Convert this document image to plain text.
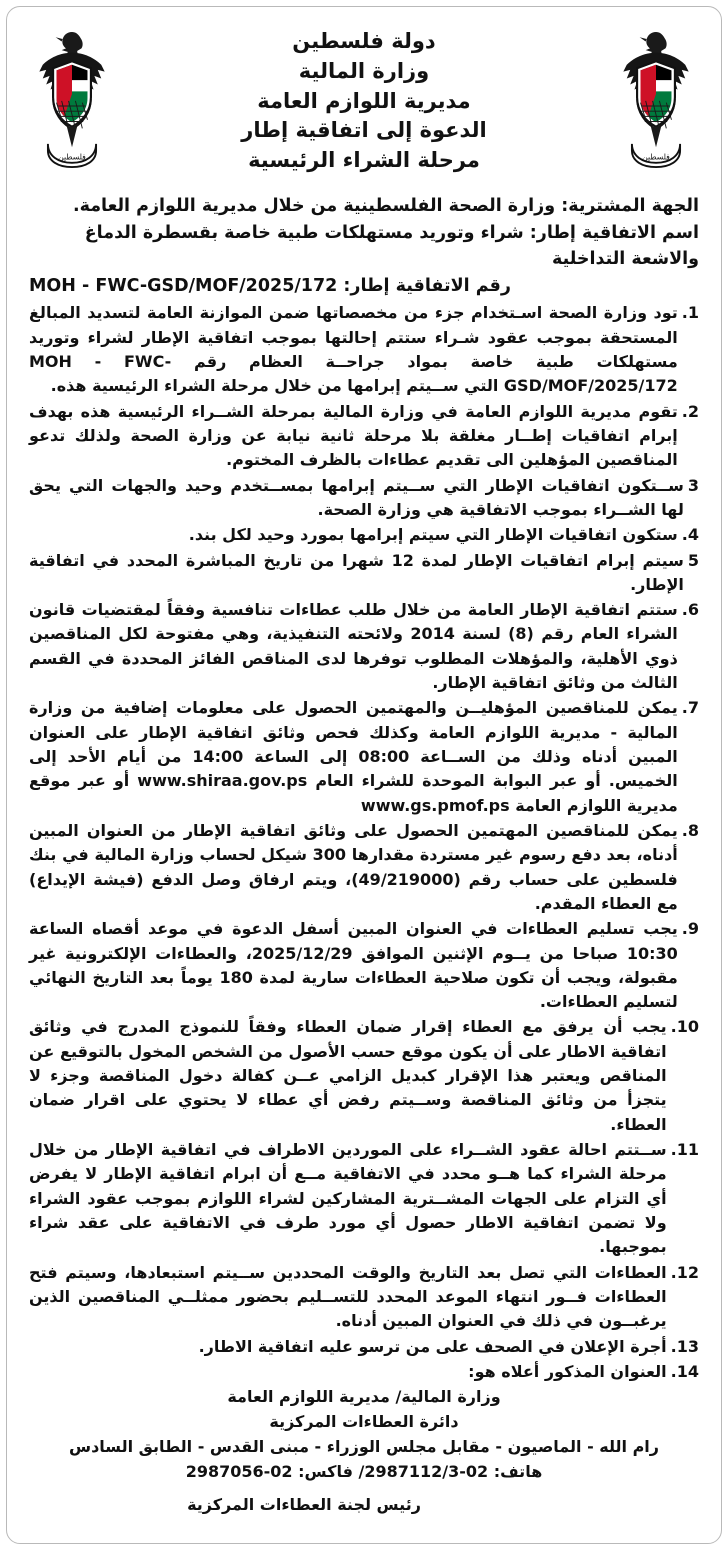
فلسطين
دولة فلسطين
وزارة المالية
مديرية اللوازم العامة
الدعوة إلى اتفاقية إطار
مرحلة الشراء الرئيسية
فلسطين
الجهة المشترية: وزارة الصحة الفلسطينية من خلال مديرية اللوازم العامة.
اسم الاتفاقية إطار: شراء وتوريد مستهلكات طبية خاصة بقسطرة الدماغ والاشعة التداخلية
رقم الاتفاقية إطار: MOH - FWC-GSD/MOF/2025/172
1.
تود وزارة الصحة اسـتخدام جزء من مخصصاتها ضمن الموازنة العامة لتسديد المبالغ المستحقة بموجب عقود شـراء ستتم إحالتها بموجب اتفاقية الإطار لشراء وتوريد مستهلكات طبية خاصة بمواد جراحــة العظام رقم MOH - FWC-GSD/MOF/2025/172 التي ســيتم إبرامها من خلال مرحلة الشراء الرئيسية هذه.
2.
تقوم مديرية اللوازم العامة في وزارة المالية بمرحلة الشــراء الرئيسية هذه بهدف إبرام اتفاقيات إطــار مغلقة بلا مرحلة ثانية نيابة عن وزارة الصحة ولذلك تدعو المناقصين المؤهلين الى تقديم عطاءات بالظرف المختوم.
3
ســتكون اتفاقيات الإطار التي ســيتم إبرامها بمســتخدم وحيد والجهات التي يحق لها الشــراء بموجب الاتفاقية هي وزارة الصحة.
4.
ستكون اتفاقيات الإطار التي سيتم إبرامها بمورد وحيد لكل بند.
5
سيتم إبرام اتفاقيات الإطار لمدة 12 شهرا من تاريخ المباشرة المحدد في اتفاقية الإطار.
6.
ستتم اتفاقية الإطار العامة من خلال طلب عطاءات تنافسية وفقاً لمقتضيات قانون الشراء العام رقم (8) لسنة 2014 ولائحته التنفيذية، وهي مفتوحة لكل المناقصين ذوي الأهلية، والمؤهلات المطلوب توفرها لدى المناقص الفائز المحددة في القسم الثالث من وثائق اتفاقية الإطار.
7.
يمكن للمناقصين المؤهليــن والمهتمين الحصول على معلومات إضافية من وزارة المالية - مديرية اللوازم العامة وكذلك فحص وثائق اتفاقية الإطار على العنوان المبين أدناه وذلك من الســاعة 08:00 إلى الساعة 14:00 من أيام الأحد إلى الخميس. أو عبر البوابة الموحدة للشراء العام www.shiraa.gov.ps أو عبر موقع مديرية اللوازم العامة www.gs.pmof.ps
8.
يمكن للمناقصين المهتمين الحصول على وثائق اتفاقية الإطار من العنوان المبين أدناه، بعد دفع رسوم غير مستردة مقدارها 300 شيكل لحساب وزارة المالية في بنك فلسطين على حساب رقم (49/219000)، ويتم ارفاق وصل الدفع (فيشة الإيداع) مع العطاء المقدم.
9.
يجب تسليم العطاءات في العنوان المبين أسفل الدعوة في موعد أقصاه الساعة 10:30 صباحا من يــوم الإثنين الموافق 2025/12/29، والعطاءات الإلكترونية غير مقبولة، ويجب أن تكون صلاحية العطاءات سارية لمدة 180 يوماً بعد التاريخ النهائي لتسليم العطاءات.
10.
يجب أن يرفق مع العطاء إقرار ضمان العطاء وفقاً للنموذج المدرج في وثائق اتفاقية الاطار على أن يكون موقع حسب الأصول من الشخص المخول بالتوقيع عن المناقص ويعتبر هذا الإقرار كبديل الزامي عــن كفالة دخول المناقصة وجزء لا يتجزأ من وثائق المناقصة وســيتم رفض أي عطاء لا يحتوي على اقرار ضمان العطاء.
11.
ســتتم احالة عقود الشــراء على الموردين الاطراف في اتفاقية الإطار من خلال مرحلة الشراء كما هــو محدد في الاتفاقية مــع أن ابرام اتفاقية الإطار لا يفرض أي التزام على الجهات المشــترية المشاركين لشراء اللوازم بموجب عقود الشراء ولا تضمن اتفاقية الاطار حصول أي مورد طرف في الاتفاقية على عقد شراء بموجبها.
12.
العطاءات التي تصل بعد التاريخ والوقت المحددين ســيتم استبعادها، وسيتم فتح العطاءات فــور انتهاء الموعد المحدد للتســليم بحضور ممثلــي المناقصين الذين يرغبــون في ذلك في العنوان المبين أدناه.
13.
أجرة الإعلان في الصحف على من ترسو عليه اتفاقية الاطار.
14.
العنوان المذكور أعلاه هو:
وزارة المالية/ مديرية اللوازم العامة
دائرة العطاءات المركزية
رام الله - الماصيون - مقابل مجلس الوزراء - مبنى القدس - الطابق السادس
هاتف: 02-2987112/3/ فاكس: 02-2987056
رئيس لجنة العطاءات المركزية
